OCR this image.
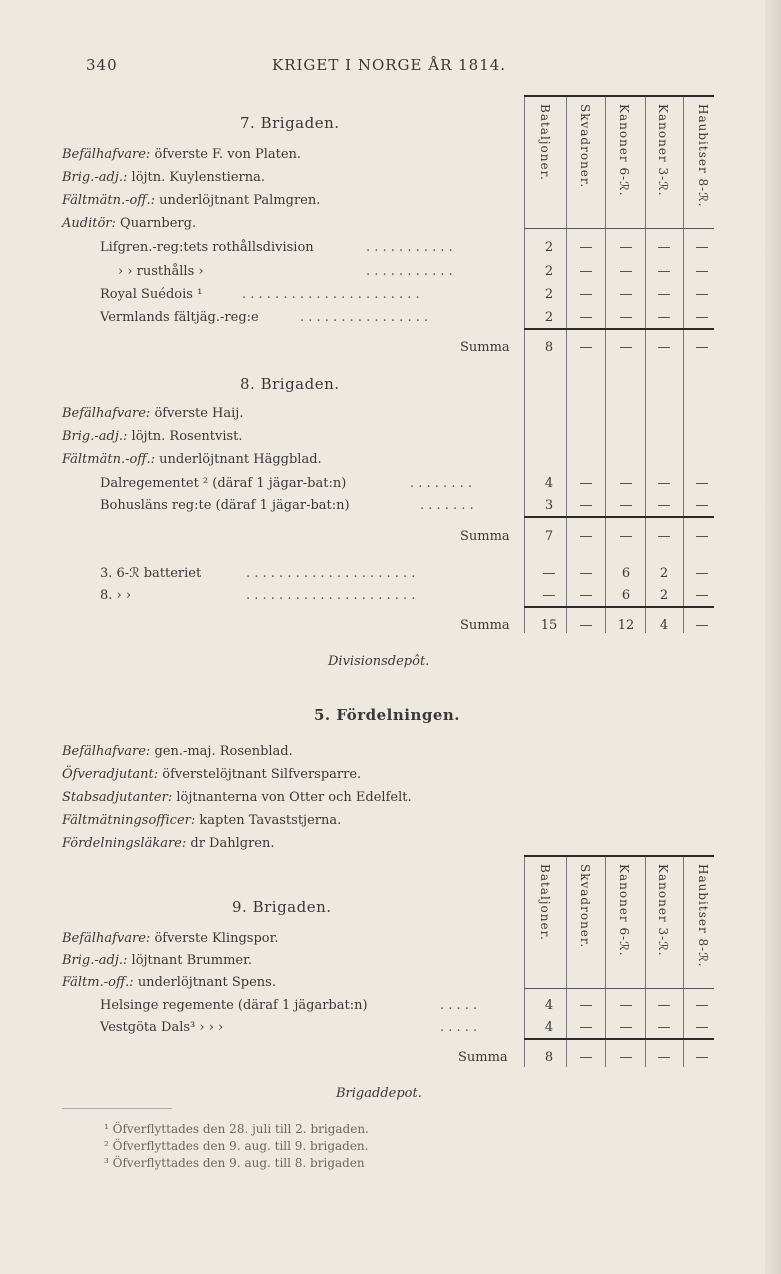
340	KRIGET I NORGE ÅR 1814.
Bataljoner. Skvadroner. Kanoner 6-ℛ. Kanoner 3-ℛ. Haubitser 8-ℛ.
7. Brigaden.
Befälhafvare: öfverste F. von Platen.
Brig.-adj.: löjtn. Kuylenstierna.
Fältmätn.-off.: underlöjtnant Palmgren.
Auditör: Quarnberg.
Lifgren.-reg:tets rothållsdivision	. . . . . . . . . . .	2	—	—	—	—
› › rusthålls ›	. . . . . . . . . . .	2	—	—	—	—
Royal Suédois ¹	. . . . . . . . . . . . . . . . . . . . . .	2	—	—	—	—
Vermlands fältjäg.-reg:e	. . . . . . . . . . . . . . . .	2	—	—	—	—
Summa	8	—	—	—	—
8. Brigaden.
Befälhafvare: öfverste Haij.
Brig.-adj.: löjtn. Rosentvist.
Fältmätn.-off.: underlöjtnant Häggblad.
Dalregementet ² (däraf 1 jägar-bat:n)	. . . . . . . .	4	—	—	—	—
Bohusläns reg:te (däraf 1 jägar-bat:n)	. . . . . . .	3	—	—	—	—
Summa	7	—	—	—	—
3. 6-ℛ batteriet	. . . . . . . . . . . . . . . . . . . . .	—	—	6	2	—
8. › ›	. . . . . . . . . . . . . . . . . . . . .	—	—	6	2	—
Summa	15	—	12	4	—
Divisionsdepôt.
5. Fördelningen.
Befälhafvare: gen.-maj. Rosenblad.
Öfveradjutant: öfverstelöjtnant Silfversparre.
Stabsadjutanter: löjtnanterna von Otter och Edelfelt.
Fältmätningsofficer: kapten Tavaststjerna.
Fördelningsläkare: dr Dahlgren.
Bataljoner. Skvadroner. Kanoner 6-ℛ. Kanoner 3-ℛ. Haubitser 8-ℛ.
9. Brigaden.
Befälhafvare: öfverste Klingspor.
Brig.-adj.: löjtnant Brummer.
Fältm.-off.: underlöjtnant Spens.
Helsinge regemente (däraf 1 jägarbat:n)	. . . . .	4	—	—	—	—
Vestgöta Dals³ › › ›	. . . . .	4	—	—	—	—
Summa	8	—	—	—	—
Brigaddepot.
¹ Öfverflyttades den 28. juli till 2. brigaden.
² Öfverflyttades den 9. aug. till 9. brigaden.
³ Öfverflyttades den 9. aug. till 8. brigaden
